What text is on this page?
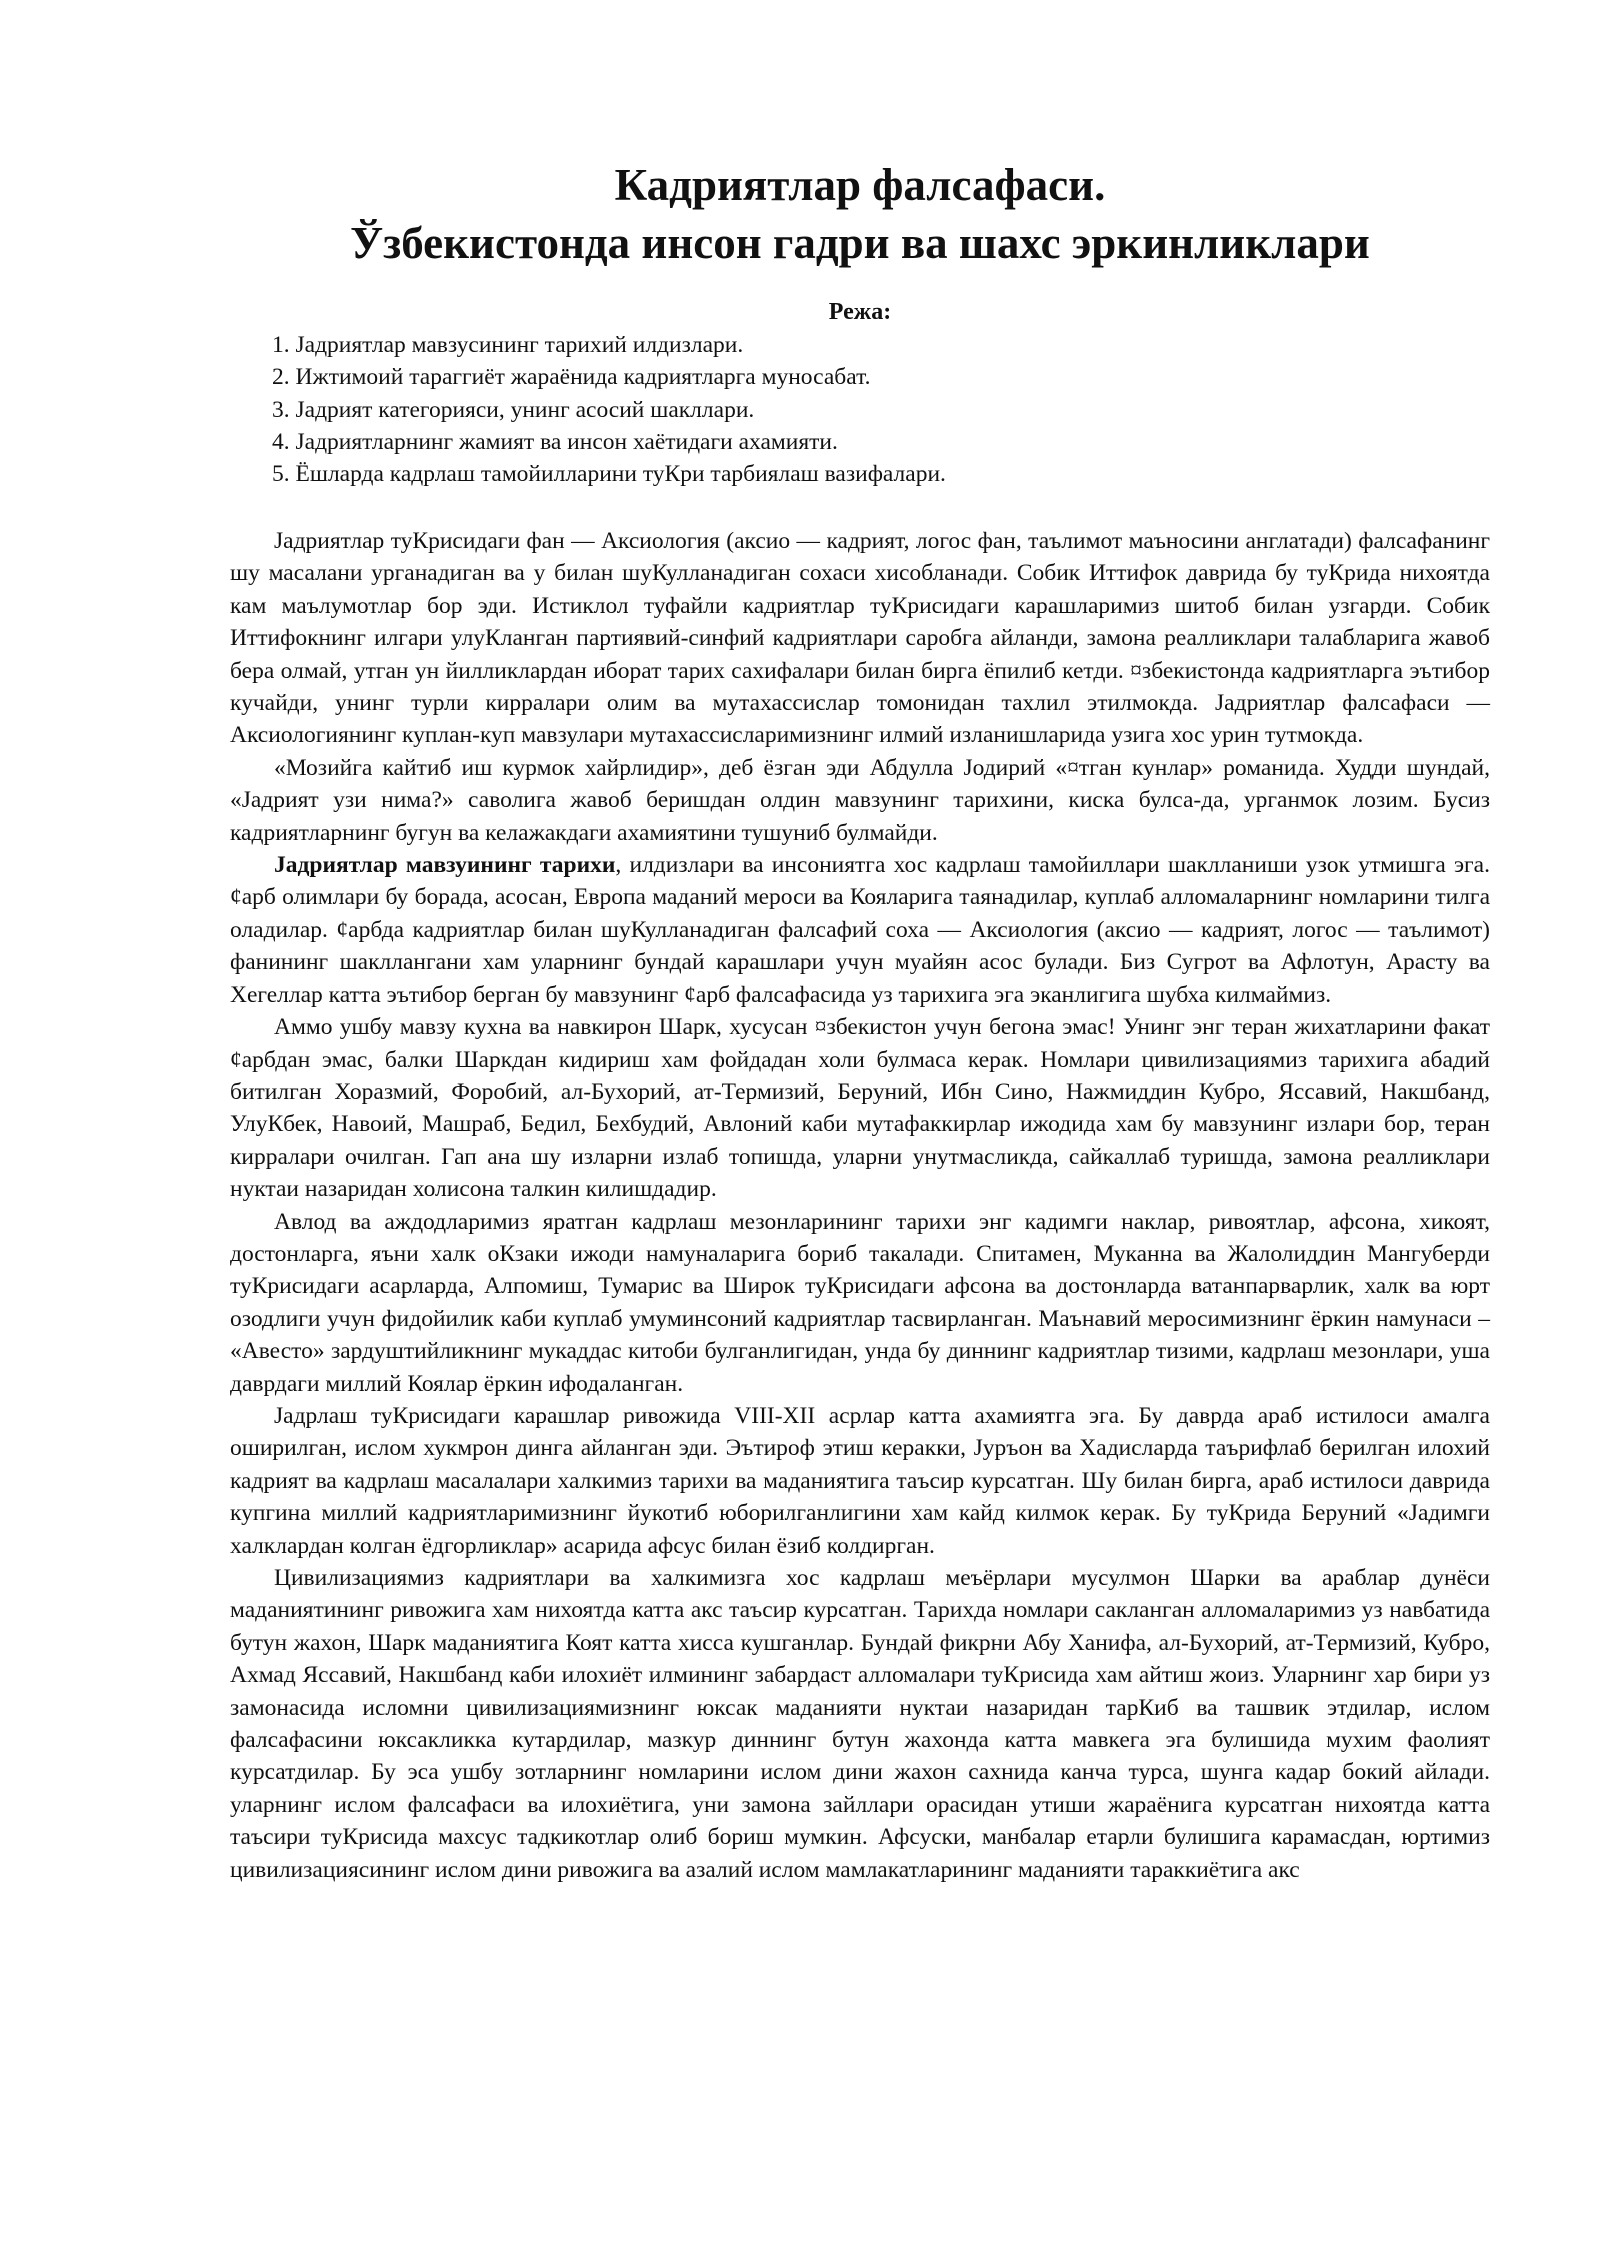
Кадриятлар фалсафаси.
Ўзбекистонда инсон гадри ва шахс эркинликлари
Режа:
1. Јадриятлар мавзусининг тарихий илдизлари.
2. Ижтимоий тараггиёт жараёнида кадриятларга муносабат.
3. Јадрият категорияси, унинг асосий шакллари.
4. Јадриятларнинг жамият ва инсон хаётидаги ахамияти.
5. Ёшларда кадрлаш тамойилларини туКри тарбиялаш вазифалари.

Јадриятлар туКрисидаги фан — Аксиология (аксио — кадрият, логос фан, таълимот маъносини англатади) фалсафанинг шу масалани урганадиган ва у билан шуКулланадиган сохаси хисобланади. Собик Иттифок даврида бу туКрида нихоятда кам маълумотлар бор эди. Истиклол туфайли кадриятлар туКрисидаги карашларимиз шитоб билан узгарди. Собик Иттифокнинг илгари улуКланган партиявий-синфий кадриятлари саробга айланди, замона реалликлари талабларига жавоб бера олмай, утган ун йилликлардан иборат тарих сахифалари билан бирга ёпилиб кетди. ¤збекистонда кадриятларга эътибор кучайди, унинг турли кирралари олим ва мутахассислар томонидан тахлил этилмокда. Јадриятлар фалсафаси — Аксиологиянинг куплан-куп мавзулари мутахассисларимизнинг илмий изланишларида узига хос урин тутмокда.

«Мозийга кайтиб иш курмок хайрлидир», деб ёзган эди Абдулла Јодирий «¤тган кунлар» романида. Худди шундай, «Јадрият узи нима?» саволига жавоб беришдан олдин мавзунинг тарихини, киска булса-да, урганмок лозим. Бусиз кадриятларнинг бугун ва келажакдаги ахамиятини тушуниб булмайди.

Јадриятлар мавзуининг тарихи, илдизлари ва инсониятга хос кадрлаш тамойиллари шаклланиши узок утмишга эга. ¢арб олимлари бу борада, асосан, Европа маданий мероси ва Кояларига таянадилар, куплаб алломаларнинг номларини тилга оладилар. ¢арбда кадриятлар билан шуКулланадиган фалсафий соха — Аксиология (аксио — кадрият, логос — таълимот) фанининг шакллангани хам уларнинг бундай карашлари учун муайян асос булади. Биз Сугрот ва Афлотун, Арасту ва Хегеллар катта эътибор берган бу мавзунинг ¢арб фалсафасида уз тарихига эга эканлигига шубха килмаймиз.

Аммо ушбу мавзу кухна ва навкирон Шарк, хусусан ¤збекистон учун бегона эмас! Унинг энг теран жихатларини факат ¢арбдан эмас, балки Шаркдан кидириш хам фойдадан холи булмаса керак. Номлари цивилизациямиз тарихига абадий битилган Хоразмий, Форобий, ал-Бухорий, ат-Термизий, Беруний, Ибн Сино, Нажмиддин Кубро, Яссавий, Накшбанд, УлуКбек, Навоий, Машраб, Бедил, Бехбудий, Авлоний каби мутафаккирлар ижодида хам бу мавзунинг излари бор, теран кирралари очилган. Гап ана шу изларни излаб топишда, уларни унутмасликда, сайкаллаб туришда, замона реалликлари нуктаи назаридан холисона талкин килишдадир.

Авлод ва аждодларимиз яратган кадрлаш мезонларининг тарихи энг кадимги наклар, ривоятлар, афсона, хикоят, достонларга, яъни халк оКзаки ижоди намуналарига бориб такалади. Спитамен, Муканна ва Жалолиддин Мангуберди туКрисидаги асарларда, Алпомиш, Тумарис ва Широк туКрисидаги афсона ва достонларда ватанпарварлик, халк ва юрт озодлиги учун фидойилик каби куплаб умуминсоний кадриятлар тасвирланган. Маънавий меросимизнинг ёркин намунаси – «Авесто» зардуштийликнинг мукаддас китоби булганлигидан, унда бу диннинг кадриятлар тизими, кадрлаш мезонлари, уша даврдаги миллий Коялар ёркин ифодаланган.

Јадрлаш туКрисидаги карашлар ривожида VIII-XII асрлар катта ахамиятга эга. Бу даврда араб истилоси амалга оширилган, ислом хукмрон динга айланган эди. Эътироф этиш керакки, Јуръон ва Хадисларда таърифлаб берилган илохий кадрият ва кадрлаш масалалари халкимиз тарихи ва маданиятига таъсир курсатган. Шу билан бирга, араб истилоси даврида купгина миллий кадриятларимизнинг йукотиб юборилганлигини хам кайд килмок керак. Бу туКрида Беруний «Јадимги халклардан колган ёдгорликлар» асарида афсус билан ёзиб колдирган.

Цивилизациямиз кадриятлари ва халкимизга хос кадрлаш меъёрлари мусулмон Шарки ва араблар дунёси маданиятининг ривожига хам нихоятда катта акс таъсир курсатган. Тарихда номлари сакланган алломаларимиз уз навбатида бутун жахон, Шарк маданиятига Коят катта хисса кушганлар. Бундай фикрни Абу Ханифа, ал-Бухорий, ат-Термизий, Кубро, Ахмад Яссавий, Накшбанд каби илохиёт илмининг забардаст алломалари туКрисида хам айтиш жоиз. Уларнинг хар бири уз замонасида исломни цивилизациямизнинг юксак маданияти нуктаи назаридан тарКиб ва ташвик этдилар, ислом фалсафасини юксакликка кутардилар, мазкур диннинг бутун жахонда катта мавкега эга булишида мухим фаолият курсатдилар. Бу эса ушбу зотларнинг номларини ислом дини жахон сахнида канча турса, шунга кадар бокий айлади. уларнинг ислом фалсафаси ва илохиётига, уни замона зайллари орасидан утиши жараёнига курсатган нихоятда катта таъсири туКрисида махсус тадкикотлар олиб бориш мумкин. Афсуски, манбалар етарли булишига карамасдан, юртимиз цивилизациясининг ислом дини ривожига ва азалий ислом мамлакатларининг маданияти тараккиётига акс
